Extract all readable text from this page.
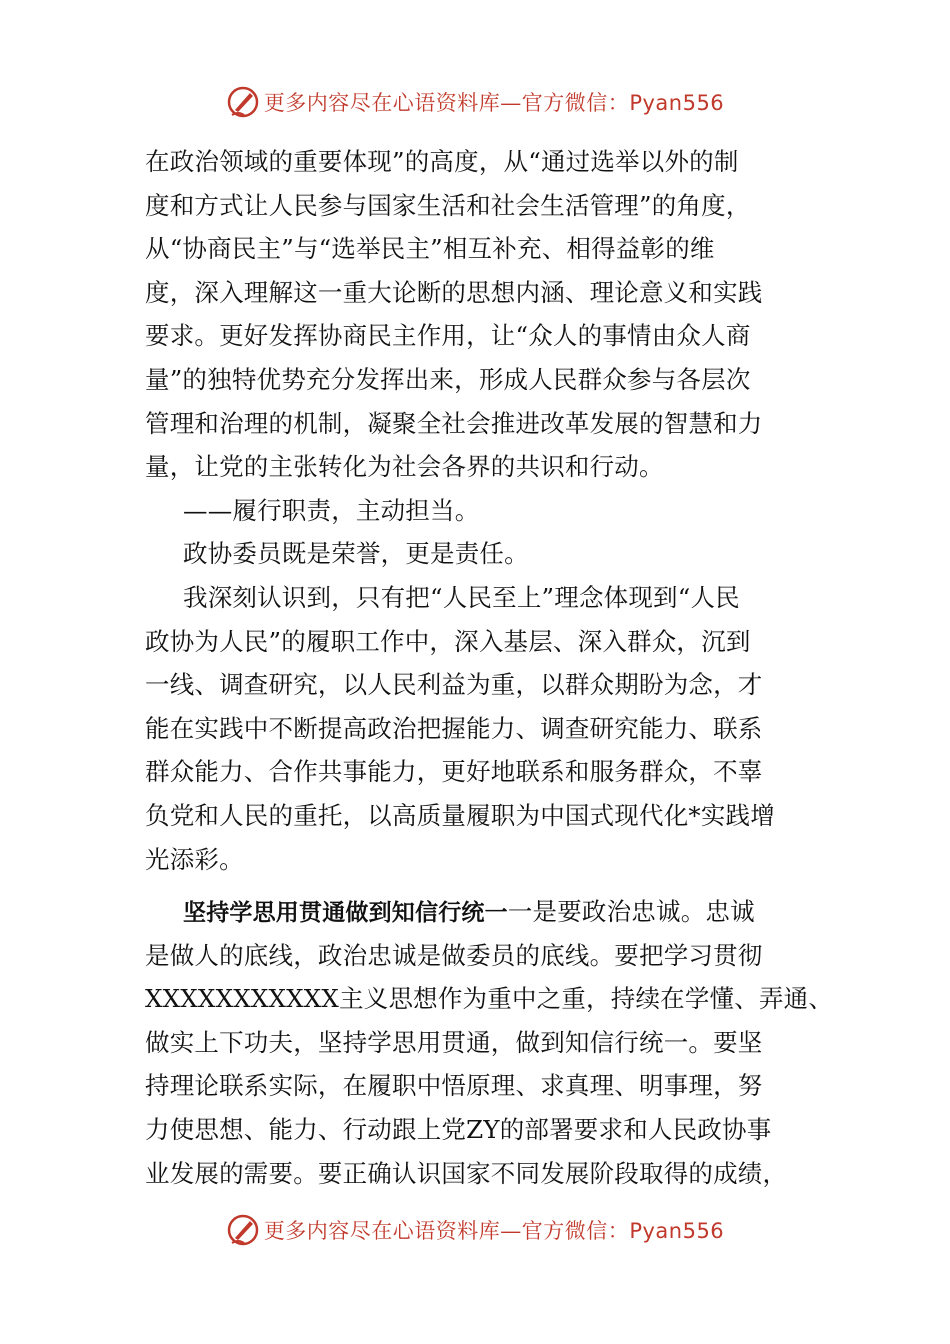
更多内容尽在心语资料库—官方微信：Pyan556
在政治领域的重要体现”的高度，从“通过选举以外的制
度和方式让人民参与国家生活和社会生活管理”的角度，
从“协商民主”与“选举民主”相互补充、相得益彰的维
度，深入理解这一重大论断的思想内涵、理论意义和实践
要求。更好发挥协商民主作用，让“众人的事情由众人商
量”的独特优势充分发挥出来，形成人民群众参与各层次
管理和治理的机制，凝聚全社会推进改革发展的智慧和力
量，让党的主张转化为社会各界的共识和行动。
——履行职责，主动担当。
政协委员既是荣誉，更是责任。
我深刻认识到，只有把“人民至上”理念体现到“人民
政协为人民”的履职工作中，深入基层、深入群众，沉到
一线、调查研究，以人民利益为重，以群众期盼为念，才
能在实践中不断提高政治把握能力、调查研究能力、联系
群众能力、合作共事能力，更好地联系和服务群众，不辜
负党和人民的重托，以高质量履职为中国式现代化*实践增
光添彩。
坚持学思用贯通做到知信行统一一是要政治忠诚。忠诚
是做人的底线，政治忠诚是做委员的底线。要把学习贯彻
XXXXXXXXXXX主义思想作为重中之重，持续在学懂、弄通、
做实上下功夫，坚持学思用贯通，做到知信行统一。要坚
持理论联系实际，在履职中悟原理、求真理、明事理，努
力使思想、能力、行动跟上党ZY的部署要求和人民政协事
业发展的需要。要正确认识国家不同发展阶段取得的成绩，
更多内容尽在心语资料库—官方微信：Pyan556
